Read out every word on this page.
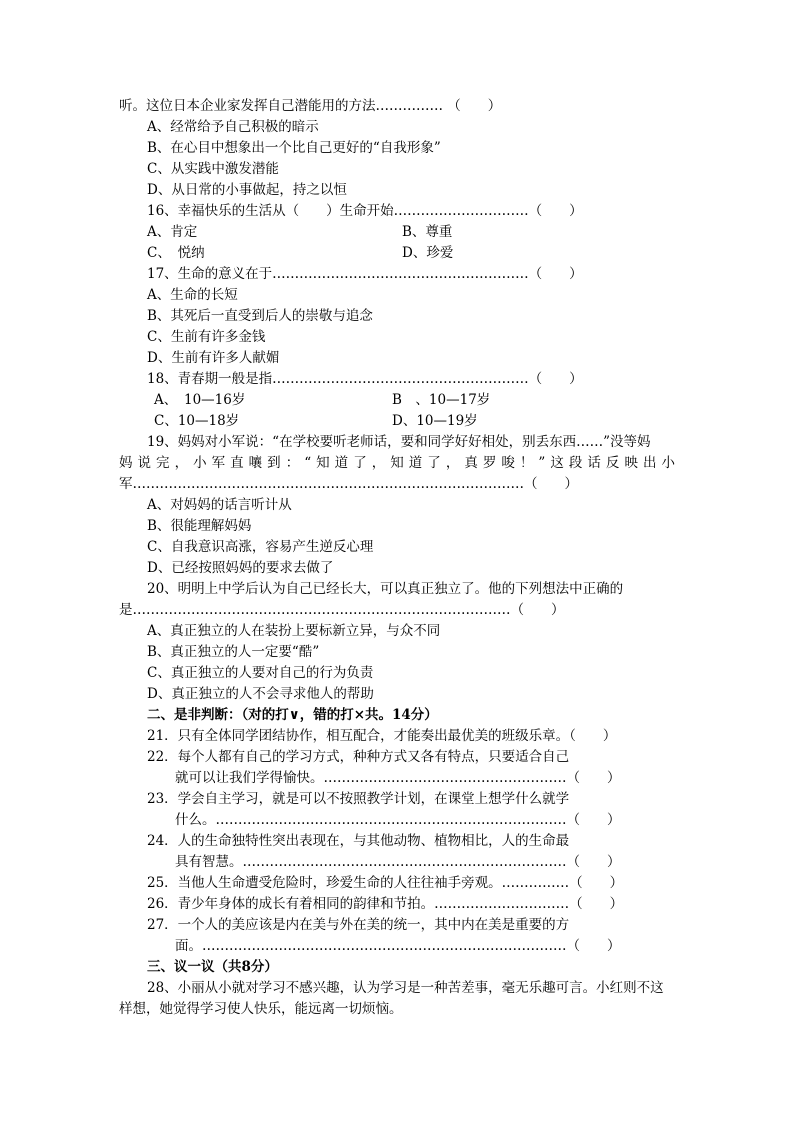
听。这位日本企业家发挥自己潜能用的方法…………… （　　）
A、经常给予自己积极的暗示
B、在心目中想象出一个比自己更好的“自我形象”
C、从实践中激发潜能
D、从日常的小事做起，持之以恒
16、幸福快乐的生活从（　　）生命开始…………………………（　　）
A、肯定	B、尊重
C、　悦纳	D、珍爱
17、生命的意义在于…………………………………………………（　　）
A、生命的长短
B、其死后一直受到后人的崇敬与追念
C、生前有许多金钱
D、生前有许多人献媚
18、青春期一般是指…………………………………………………（　　）
A、　10—16岁	B　、10—17岁
C、10—18岁	D、10—19岁
19、妈妈对小军说：“在学校要听老师话，要和同学好好相处，别丢东西……”没等妈
妈说完，小军直嚷到：“知道了，知道了，真罗唆！”这段话反映出小
军……………………………………………………………………………（　　）
A、对妈妈的话言听计从
B、很能理解妈妈
C、自我意识高涨，容易产生逆反心理
D、已经按照妈妈的要求去做了
20、明明上中学后认为自己已经长大，可以真正独立了。他的下列想法中正确的
是…………………………………………………………………………（　　）
A、真正独立的人在装扮上要标新立异，与众不同
B、真正独立的人一定要“酷”
C、真正独立的人要对自己的行为负责
D、真正独立的人不会寻求他人的帮助
二、是非判断：（对的打∨，错的打×共。14分）
21．只有全体同学团结协作，相互配合，才能奏出最优美的班级乐章。（　　）
22．每个人都有自己的学习方式，种种方式又各有特点，只要适合自己
就可以让我们学得愉快。………………………………………………（　　）
23．学会自主学习，就是可以不按照教学计划，在课堂上想学什么就学
什么。……………………………………………………………………（　　）
24．人的生命独特性突出表现在，与其他动物、植物相比，人的生命最
具有智慧。………………………………………………………………（　　）
25．当他人生命遭受危险时，珍爱生命的人往往袖手旁观。……………（　　）
26．青少年身体的成长有着相同的韵律和节拍。…………………………（　　）
27．一个人的美应该是内在美与外在美的统一，其中内在美是重要的方
面。………………………………………………………………………（　　）
三、议一议（共8分）
28、小丽从小就对学习不感兴趣，认为学习是一种苦差事，毫无乐趣可言。小红则不这
样想，她觉得学习使人快乐，能远离一切烦恼。
